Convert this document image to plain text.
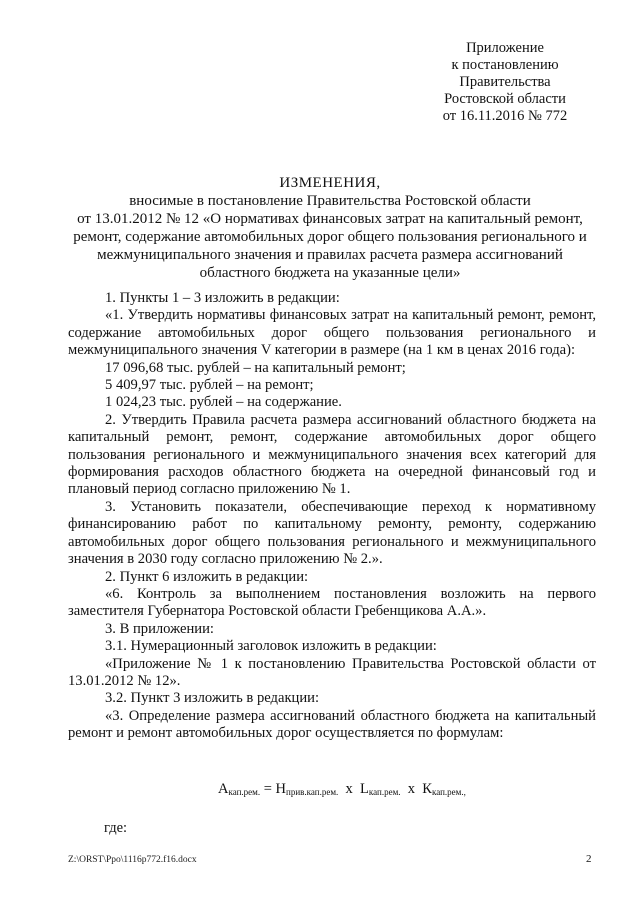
Приложение
к постановлению
Правительства
Ростовской области
от 16.11.2016 № 772
ИЗМЕНЕНИЯ,
вносимые в постановление Правительства Ростовской области
от 13.01.2012 № 12 «О нормативах финансовых затрат на капитальный ремонт,
ремонт, содержание автомобильных дорог общего пользования регионального и
межмуниципального значения и правилах расчета размера ассигнований
областного бюджета на указанные цели»

1. Пункты 1 – 3 изложить в редакции:

«1. Утвердить нормативы финансовых затрат на капитальный ремонт, ремонт, содержание автомобильных дорог общего пользования регионального и межмуниципального значения V категории в размере (на 1 км в ценах 2016 года):

17 096,68 тыс. рублей – на капитальный ремонт;

5 409,97 тыс. рублей – на ремонт;

1 024,23 тыс. рублей – на содержание.

2. Утвердить Правила расчета размера ассигнований областного бюджета на капитальный ремонт, ремонт, содержание автомобильных дорог общего пользования регионального и межмуниципального значения всех категорий для формирования расходов областного бюджета на очередной финансовый год и плановый период согласно приложению № 1.

3. Установить показатели, обеспечивающие переход к нормативному финансированию работ по капитальному ремонту, ремонту, содержанию автомобильных дорог общего пользования регионального и межмуниципального значения в 2030 году согласно приложению № 2.».

2. Пункт 6 изложить в редакции:

«6. Контроль за выполнением постановления возложить на первого заместителя Губернатора Ростовской области Гребенщикова А.А.».

3. В приложении:

3.1. Нумерационный заголовок изложить в редакции:

«Приложение № 1 к постановлению Правительства Ростовской области от 13.01.2012 № 12».

3.2. Пункт 3 изложить в редакции:

«3. Определение размера ассигнований областного бюджета на капитальный ремонт и ремонт автомобильных дорог осуществляется по формулам:

$А_{кап.рем.} = Н_{прив.кап.рем.}$  x  $L_{кап.рем.}$  x  $К_{кап.рем.,}$
где:
Z:\ORST\Ppo\1116p772.f16.docx	2
